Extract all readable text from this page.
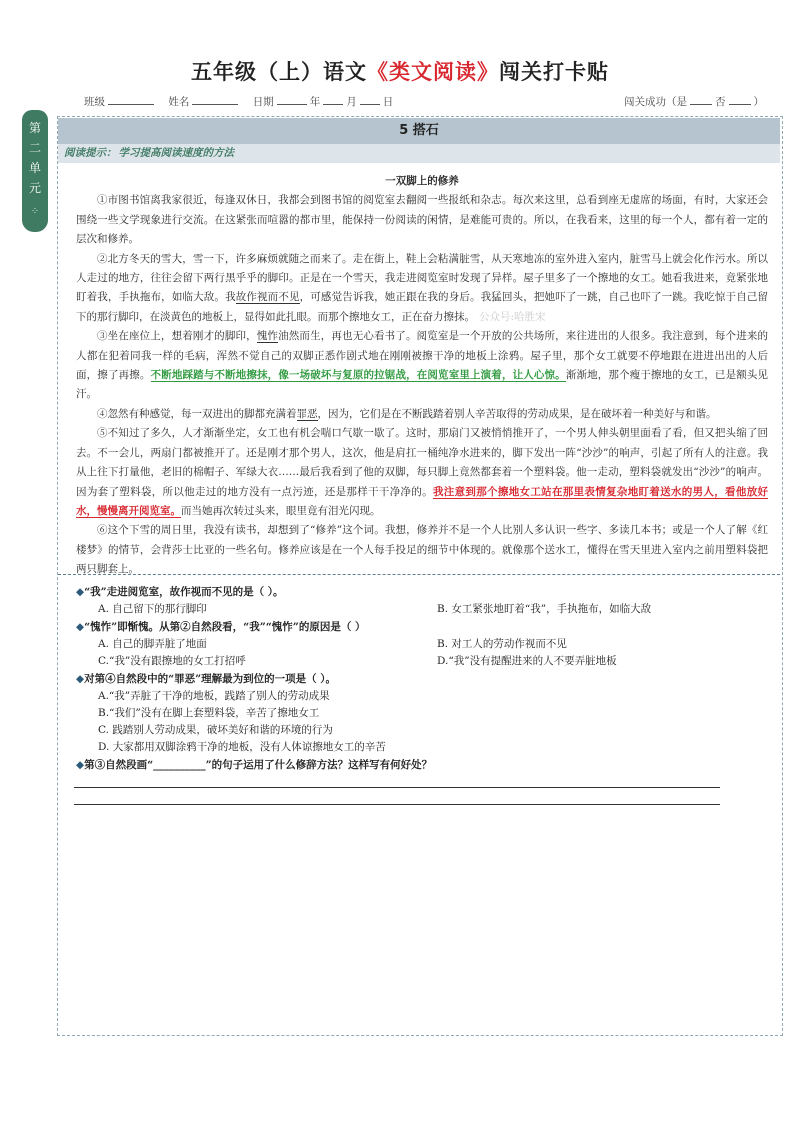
五年级（上）语文《类文阅读》闯关打卡贴
班级	姓名	日期	年 月 日	闯关成功（是	否	）
第
二
单
元
⁘
5 搭石
阅读提示： 学习提高阅读速度的方法
一双脚上的修养

①市图书馆离我家很近，每逢双休日，我都会到图书馆的阅览室去翻阅一些报纸和杂志。每次来这里，总看到座无虚席的场面，有时，大家还会围绕一些文学现象进行交流。在这紧张而喧嚣的都市里，能保持一份阅读的闲情，是难能可贵的。所以，在我看来，这里的每一个人，都有着一定的层次和修养。

②北方冬天的雪大，雪一下，许多麻烦就随之而来了。走在街上，鞋上会粘满脏雪，从天寒地冻的室外进入室内，脏雪马上就会化作污水。所以人走过的地方，往往会留下两行黑乎乎的脚印。正是在一个雪天，我走进阅览室时发现了异样。屋子里多了一个擦地的女工。她看我进来，竟紧张地盯着我，手执拖布，如临大敌。我故作视而不见，可感觉告诉我，她正跟在我的身后。我猛回头，把她吓了一跳，自己也吓了一跳。我吃惊于自己留下的那行脚印，在淡黄色的地板上，显得如此扎眼。而那个擦地女工，正在奋力擦抹。 公众号:哈胜宋

③坐在座位上，想着刚才的脚印，愧怍油然而生，再也无心看书了。阅览室是一个开放的公共场所，来往进出的人很多。我注意到，每个进来的人都在犯着同我一样的毛病，浑然不觉自己的双脚正悉作剧式地在刚刚被擦干净的地板上涂鸦。屋子里，那个女工就要不停地跟在进进出出的人后面，擦了再擦。不断地踩踏与不断地擦抹，像一场破坏与复原的拉锯战，在阅览室里上演着，让人心惊。渐渐地，那个瘦于擦地的女工，已是额头见汗。

④忽然有种感觉，每一双进出的脚都充满着罪恶，因为，它们是在不断践踏着别人辛苦取得的劳动成果，是在破坏着一种美好与和谐。

⑤不知过了多久，人才渐渐坐定，女工也有机会喘口气歇一歇了。这时，那扇门又被悄悄推开了，一个男人伸头朝里面看了看，但又把头缩了回去。不一会儿，两扇门都被推开了。还是刚才那个男人，这次，他是肩扛一桶纯净水进来的，脚下发出一阵“沙沙”的响声，引起了所有人的注意。我从上往下打量他，老旧的棉帽子、军绿大衣……最后我看到了他的双脚，每只脚上竟然都套着一个塑料袋。他一走动，塑料袋就发出“沙沙”的响声。因为套了塑料袋，所以他走过的地方没有一点污迹，还是那样干干净净的。我注意到那个擦地女工站在那里表情复杂地盯着送水的男人，看他放好水，慢慢离开阅览室。而当她再次转过头来，眼里竟有泪光闪现。

⑥这个下雪的周日里，我没有读书，却想到了“修养”这个词。我想，修养并不是一个人比别人多认识一些字、多读几本书；或是一个人了解《红楼梦》的情节，会背莎士比亚的一些名句。修养应该是在一个人每手投足的细节中体现的。就像那个送水工，懂得在雪天里进入室内之前用塑料袋把两只脚套上。

◆“我”走进阅览室，故作视而不见的是（ ）。
A. 自己留下的那行脚印	B. 女工紧张地盯着“我”，手执拖布，如临大敌
◆“愧怍”即惭愧。从第②自然段看，“我”“愧怍”的原因是（ ）
A. 自己的脚弄脏了地面	B. 对工人的劳动作视而不见
C.“我”没有跟擦地的女工打招呼	D.“我”没有提醒进来的人不要弄脏地板
◆对第④自然段中的“罪恶”理解最为到位的一项是（ ）。
A.“我”弄脏了干净的地板，践踏了别人的劳动成果
B.“我们”没有在脚上套塑料袋，辛苦了擦地女工
C. 践踏别人劳动成果，破坏美好和谐的环境的行为
D. 大家都用双脚涂鸦干净的地板，没有人体谅擦地女工的辛苦
◆第③自然段画“__________”的句子运用了什么修辞方法？这样写有何好处？
